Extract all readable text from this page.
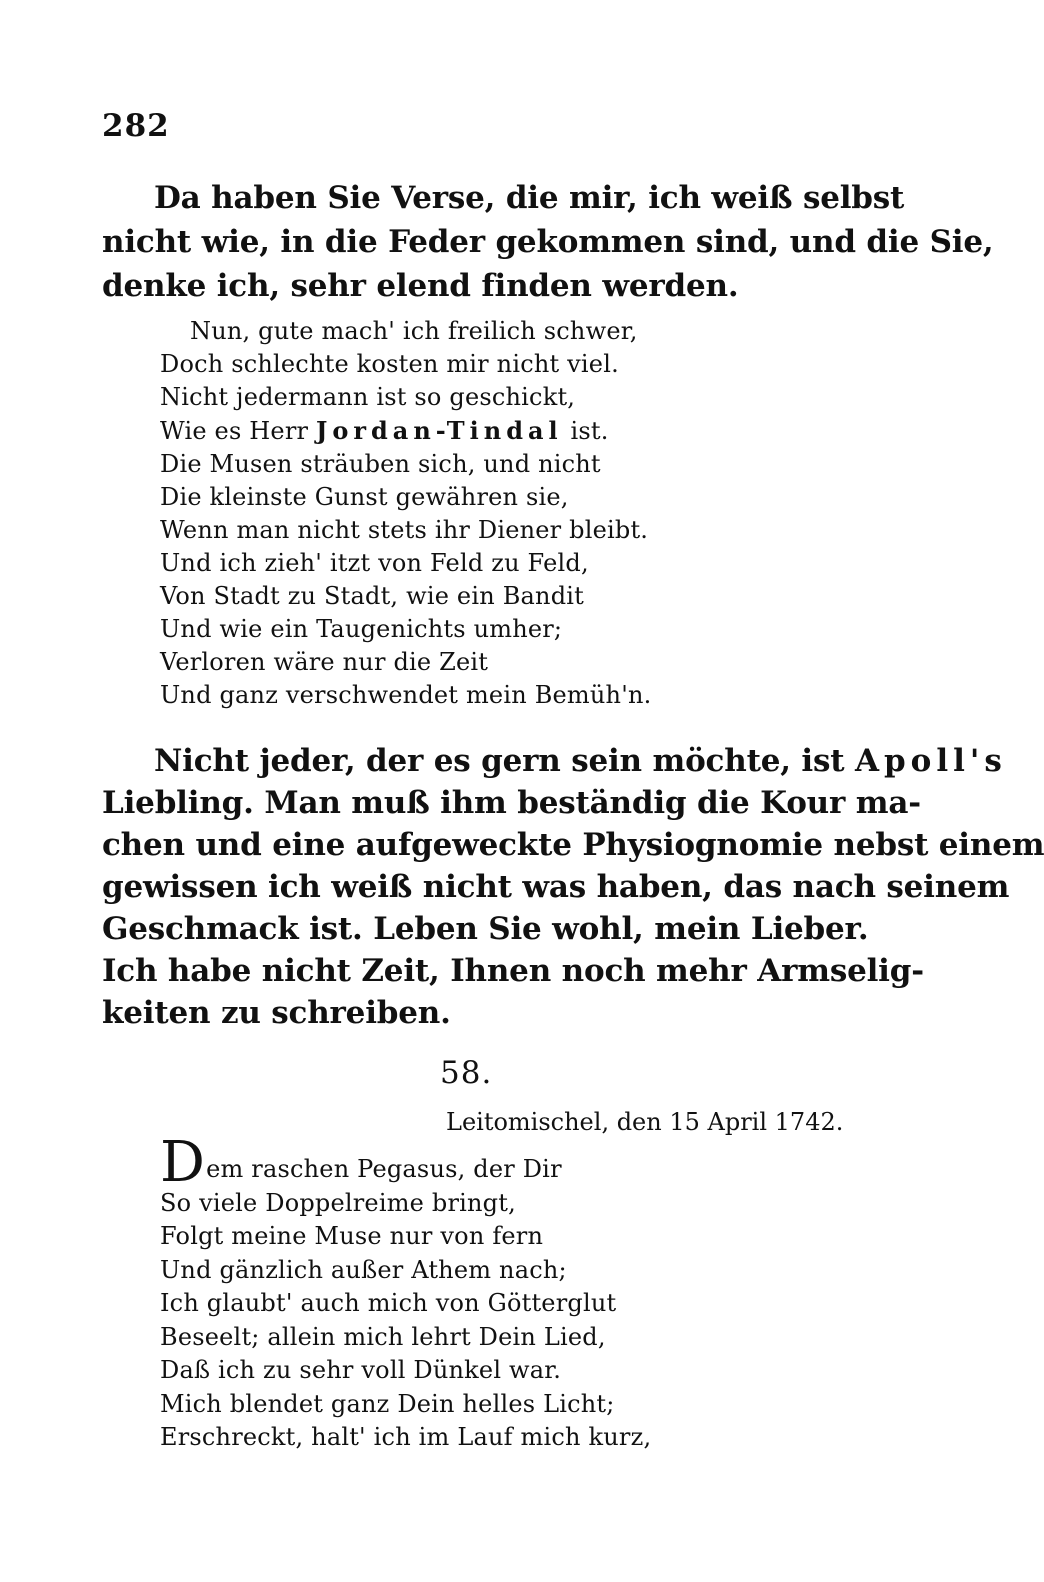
282
Da haben Sie Verse, die mir, ich weiß selbst
nicht wie, in die Feder gekommen sind, und die Sie,
denke ich, sehr elend finden werden.
Nun, gute mach' ich freilich schwer,
Doch schlechte kosten mir nicht viel.
Nicht jedermann ist so geschickt,
Wie es Herr Jordan-Tindal ist.
Die Musen sträuben sich, und nicht
Die kleinste Gunst gewähren sie,
Wenn man nicht stets ihr Diener bleibt.
Und ich zieh' itzt von Feld zu Feld,
Von Stadt zu Stadt, wie ein Bandit
Und wie ein Taugenichts umher;
Verloren wäre nur die Zeit
Und ganz verschwendet mein Bemüh'n.
Nicht jeder, der es gern sein möchte, ist Apoll's
Liebling. Man muß ihm beständig die Kour ma-
chen und eine aufgeweckte Physiognomie nebst einem
gewissen ich weiß nicht was haben, das nach seinem
Geschmack ist. Leben Sie wohl, mein Lieber.
Ich habe nicht Zeit, Ihnen noch mehr Armselig-
keiten zu schreiben.
58.
Leitomischel, den 15 April 1742.
Dem raschen Pegasus, der Dir
So viele Doppelreime bringt,
Folgt meine Muse nur von fern
Und gänzlich außer Athem nach;
Ich glaubt' auch mich von Götterglut
Beseelt; allein mich lehrt Dein Lied,
Daß ich zu sehr voll Dünkel war.
Mich blendet ganz Dein helles Licht;
Erschreckt, halt' ich im Lauf mich kurz,
